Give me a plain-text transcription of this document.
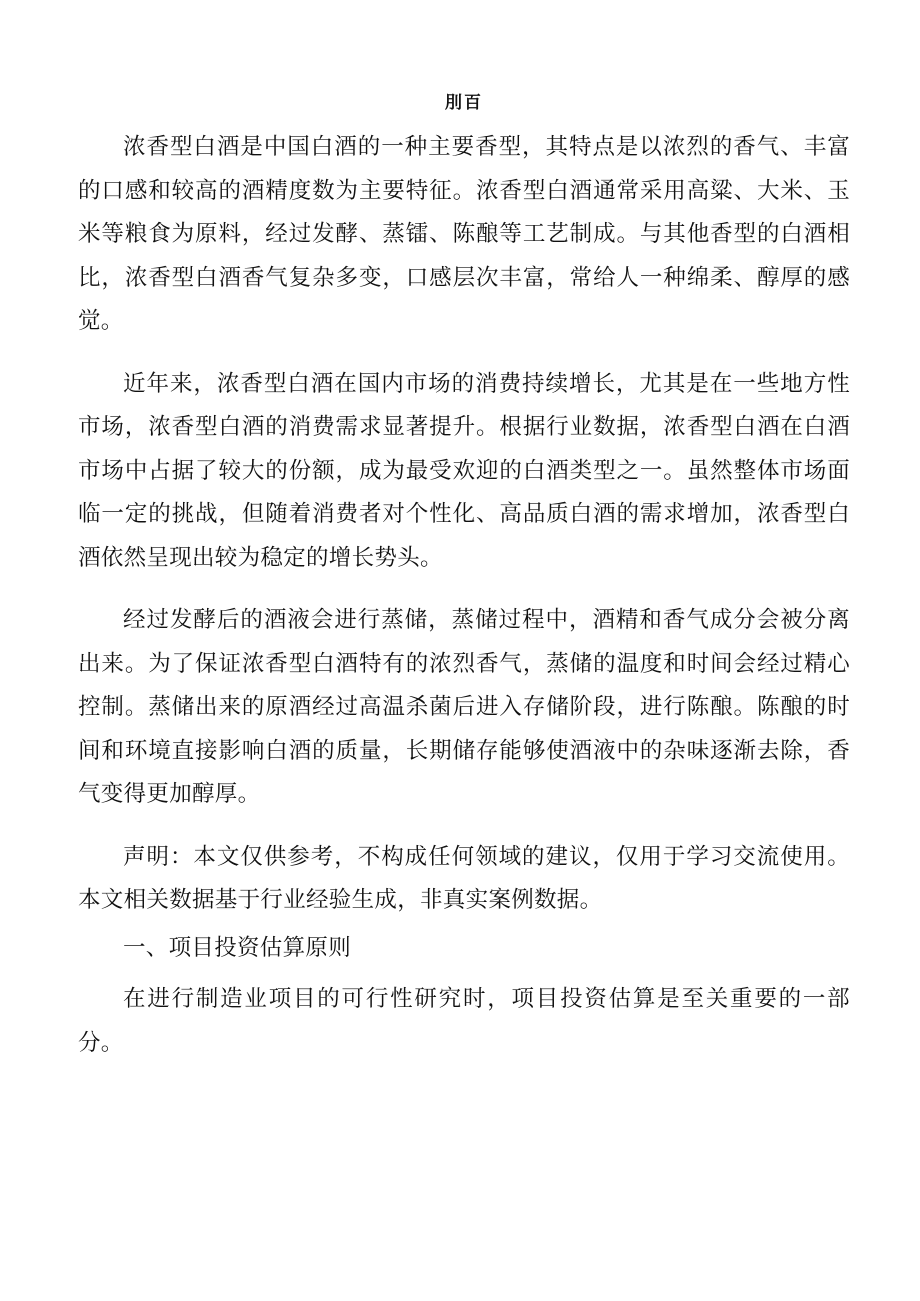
刖百

浓香型白酒是中国白酒的一种主要香型，其特点是以浓烈的香气、丰富的口感和较高的酒精度数为主要特征。浓香型白酒通常采用高粱、大米、玉米等粮食为原料，经过发酵、蒸镭、陈酿等工艺制成。与其他香型的白酒相比，浓香型白酒香气复杂多变，口感层次丰富，常给人一种绵柔、醇厚的感觉。

近年来，浓香型白酒在国内市场的消费持续增长，尤其是在一些地方性市场，浓香型白酒的消费需求显著提升。根据行业数据，浓香型白酒在白酒市场中占据了较大的份额，成为最受欢迎的白酒类型之一。虽然整体市场面临一定的挑战，但随着消费者对个性化、高品质白酒的需求增加，浓香型白酒依然呈现出较为稳定的增长势头。

经过发酵后的酒液会进行蒸储，蒸储过程中，酒精和香气成分会被分离出来。为了保证浓香型白酒特有的浓烈香气，蒸储的温度和时间会经过精心控制。蒸储出来的原酒经过高温杀菌后进入存储阶段，进行陈酿。陈酿的时间和环境直接影响白酒的质量，长期储存能够使酒液中的杂味逐渐去除，香气变得更加醇厚。

声明：本文仅供参考，不构成任何领域的建议，仅用于学习交流使用。本文相关数据基于行业经验生成，非真实案例数据。

一、项目投资估算原则

在进行制造业项目的可行性研究时，项目投资估算是至关重要的一部分。
